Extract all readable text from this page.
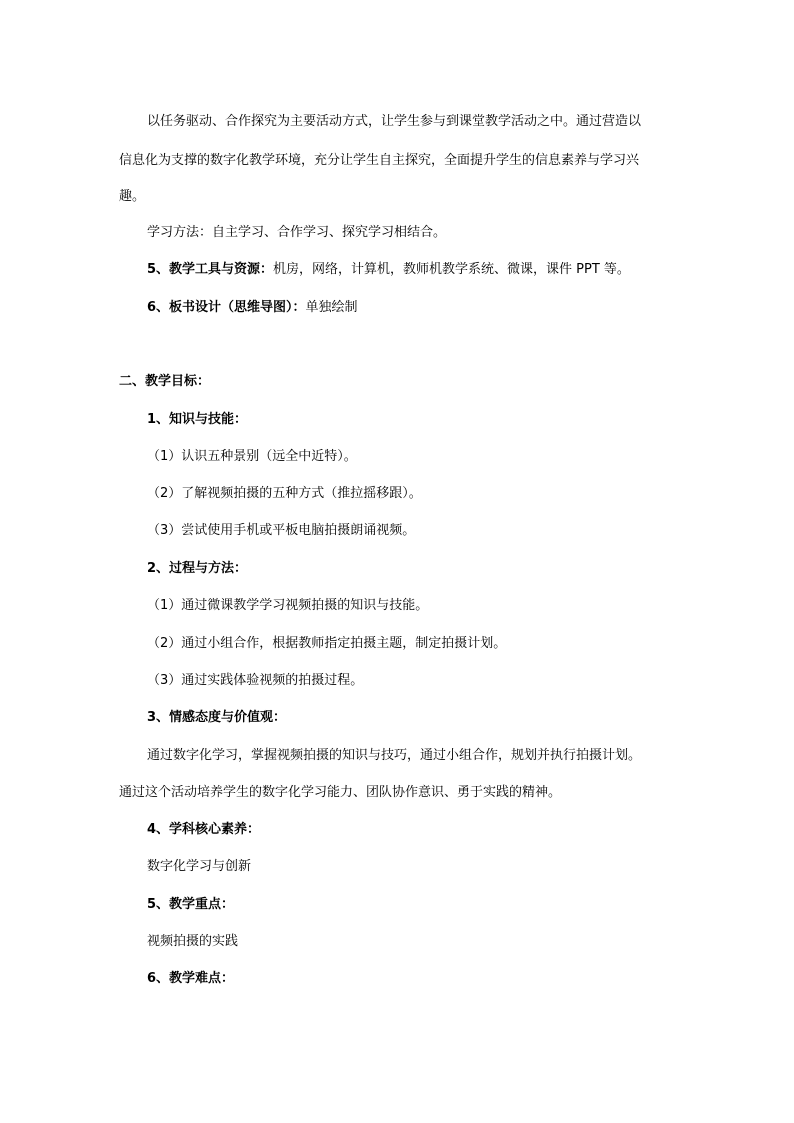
以任务驱动、合作探究为主要活动方式，让学生参与到课堂教学活动之中。通过营造以
信息化为支撑的数字化教学环境，充分让学生自主探究，全面提升学生的信息素养与学习兴
趣。
学习方法：自主学习、合作学习、探究学习相结合。
5、教学工具与资源：机房，网络，计算机，教师机教学系统、微课，课件 PPT 等。
6、板书设计（思维导图）：单独绘制
二、教学目标：
1、知识与技能：
（1）认识五种景别（远全中近特）。
（2）了解视频拍摄的五种方式（推拉摇移跟）。
（3）尝试使用手机或平板电脑拍摄朗诵视频。
2、过程与方法：
（1）通过微课教学学习视频拍摄的知识与技能。
（2）通过小组合作，根据教师指定拍摄主题，制定拍摄计划。
（3）通过实践体验视频的拍摄过程。
3、情感态度与价值观：
通过数字化学习，掌握视频拍摄的知识与技巧，通过小组合作，规划并执行拍摄计划。
通过这个活动培养学生的数字化学习能力、团队协作意识、勇于实践的精神。
4、学科核心素养：
数字化学习与创新
5、教学重点：
视频拍摄的实践
6、教学难点：
